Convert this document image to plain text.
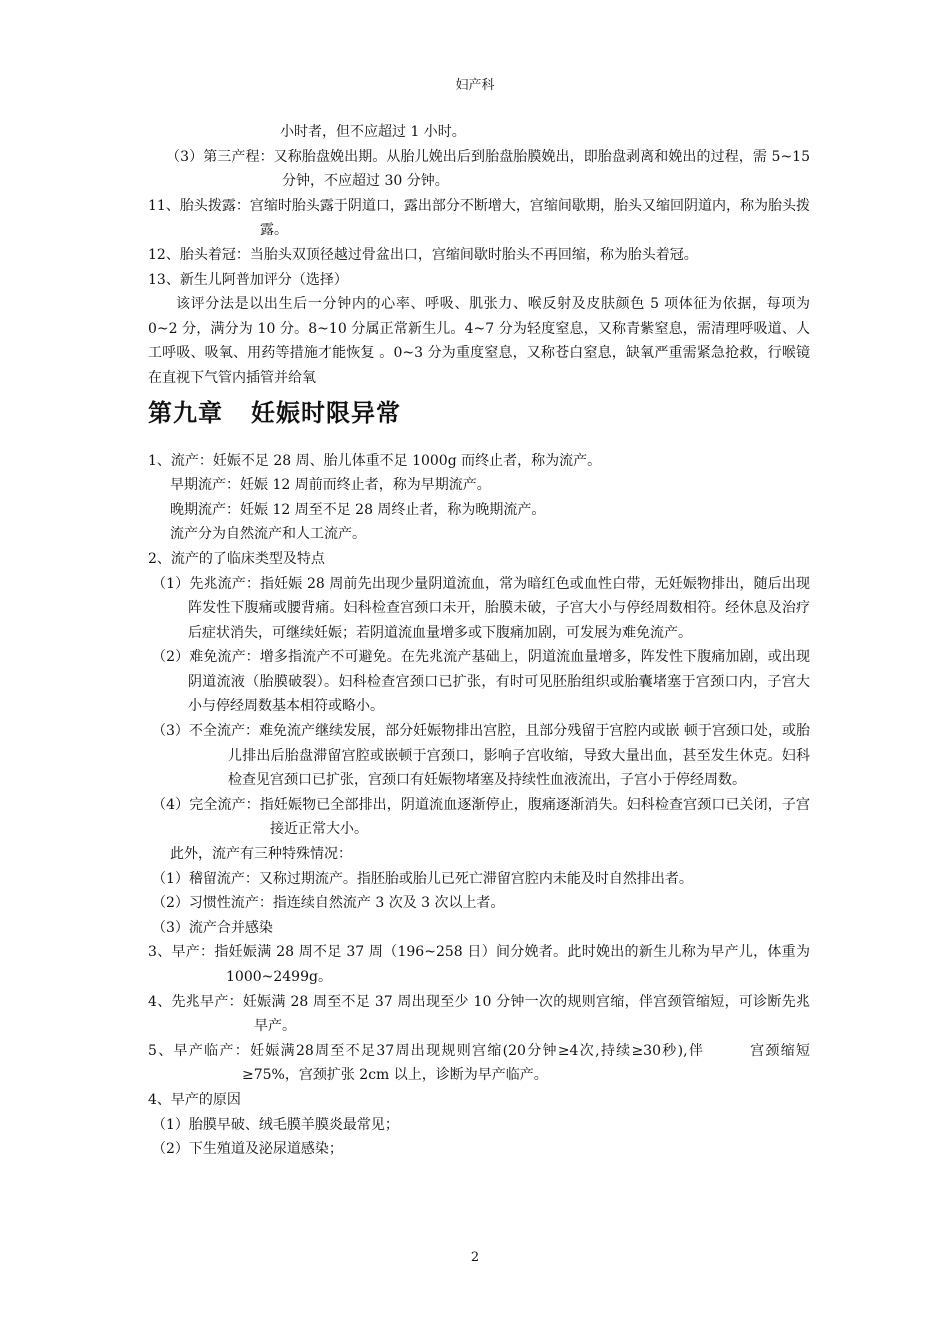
妇产科

小时者，但不应超过 1 小时。

（3）第三产程：又称胎盘娩出期。从胎儿娩出后到胎盘胎膜娩出，即胎盘剥离和娩出的过程，需 5~15 分钟，不应超过 30 分钟。

11、胎头拨露：宫缩时胎头露于阴道口，露出部分不断增大，宫缩间歇期，胎头又缩回阴道内，称为胎头拨露。

12、胎头着冠：当胎头双顶径越过骨盆出口，宫缩间歇时胎头不再回缩，称为胎头着冠。

13、新生儿阿普加评分（选择）

该评分法是以出生后一分钟内的心率、呼吸、肌张力、喉反射及皮肤颜色 5 项体征为依据，每项为 0~2 分，满分为 10 分。8~10 分属正常新生儿。4~7 分为轻度窒息，又称青紫窒息，需清理呼吸道、人工呼吸、吸氧、用药等措施才能恢复 。0~3 分为重度窒息，又称苍白窒息，缺氧严重需紧急抢救，行喉镜在直视下气管内插管并给氧

第九章 妊娠时限异常

1、流产：妊娠不足 28 周、胎儿体重不足 1000g 而终止者，称为流产。

早期流产：妊娠 12 周前而终止者，称为早期流产。

晚期流产：妊娠 12 周至不足 28 周终止者，称为晚期流产。

流产分为自然流产和人工流产。

2、流产的了临床类型及特点

（1）先兆流产：指妊娠 28 周前先出现少量阴道流血，常为暗红色或血性白带，无妊娠物排出，随后出现阵发性下腹痛或腰背痛。妇科检查宫颈口未开，胎膜未破，子宫大小与停经周数相符。经休息及治疗后症状消失，可继续妊娠；若阴道流血量增多或下腹痛加剧，可发展为难免流产。

（2）难免流产：增多指流产不可避免。在先兆流产基础上，阴道流血量增多，阵发性下腹痛加剧，或出现阴道流液（胎膜破裂）。妇科检查宫颈口已扩张，有时可见胚胎组织或胎囊堵塞于宫颈口内，子宫大小与停经周数基本相符或略小。

（3）不全流产：难免流产继续发展，部分妊娠物排出宫腔，且部分残留于宫腔内或嵌 顿于宫颈口处，或胎儿排出后胎盘滞留宫腔或嵌顿于宫颈口，影响子宫收缩，导致大量出血，甚至发生休克。妇科检查见宫颈口已扩张，宫颈口有妊娠物堵塞及持续性血液流出，子宫小于停经周数。

（4）完全流产：指妊娠物已全部排出，阴道流血逐渐停止，腹痛逐渐消失。妇科检查宫颈口已关闭，子宫接近正常大小。

此外，流产有三种特殊情况：

（1）稽留流产：又称过期流产。指胚胎或胎儿已死亡滞留宫腔内未能及时自然排出者。

（2）习惯性流产：指连续自然流产 3 次及 3 次以上者。

（3）流产合并感染

3、早产：指妊娠满 28 周不足 37 周（196~258 日）间分娩者。此时娩出的新生儿称为早产儿，体重为 1000~2499g。

4、先兆早产：妊娠满 28 周至不足 37 周出现至少 10 分钟一次的规则宫缩，伴宫颈管缩短，可诊断先兆早产。

5、早产临产：妊娠满28周至不足37周出现规则宫缩(20分钟≥4次,持续≥30秒),伴　　　宫颈缩短≥75%，宫颈扩张 2cm 以上，诊断为早产临产。

4、早产的原因

（1）胎膜早破、绒毛膜羊膜炎最常见；

（2）下生殖道及泌尿道感染；

2
